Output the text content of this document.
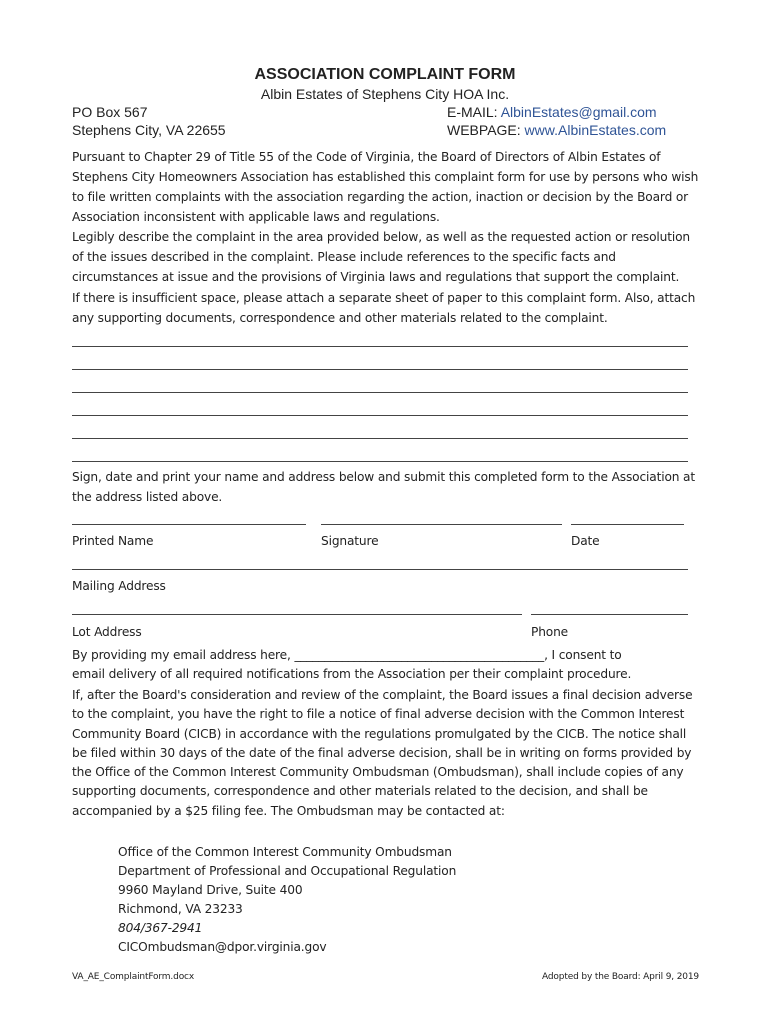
ASSOCIATION COMPLAINT FORM
Albin Estates of Stephens City HOA Inc.
PO Box 567
Stephens City, VA 22655
E-MAIL: AlbinEstates@gmail.com
WEBPAGE: www.AlbinEstates.com
Pursuant to Chapter 29 of Title 55 of the Code of Virginia, the Board of Directors of Albin Estates of Stephens City Homeowners Association has established this complaint form for use by persons who wish to file written complaints with the association regarding the action, inaction or decision by the Board or Association inconsistent with applicable laws and regulations.
Legibly describe the complaint in the area provided below, as well as the requested action or resolution of the issues described in the complaint. Please include references to the specific facts and circumstances at issue and the provisions of Virginia laws and regulations that support the complaint.
If there is insufficient space, please attach a separate sheet of paper to this complaint form. Also, attach any supporting documents, correspondence and other materials related to the complaint.
Sign, date and print your name and address below and submit this completed form to the Association at the address listed above.
Printed Name	Signature	Date
Mailing Address
Lot Address	Phone
By providing my email address here, __________________________________________, I consent to
email delivery of all required notifications from the Association per their complaint procedure.
If, after the Board's consideration and review of the complaint, the Board issues a final decision adverse to the complaint, you have the right to file a notice of final adverse decision with the Common Interest Community Board (CICB) in accordance with the regulations promulgated by the CICB. The notice shall be filed within 30 days of the date of the final adverse decision, shall be in writing on forms provided by the Office of the Common Interest Community Ombudsman (Ombudsman), shall include copies of any supporting documents, correspondence and other materials related to the decision, and shall be accompanied by a $25 filing fee. The Ombudsman may be contacted at:
Office of the Common Interest Community Ombudsman
Department of Professional and Occupational Regulation
9960 Mayland Drive, Suite 400
Richmond, VA 23233
804/367-2941
CICOmbudsman@dpor.virginia.gov
VA_AE_ComplaintForm.docx	Adopted by the Board: April 9, 2019
